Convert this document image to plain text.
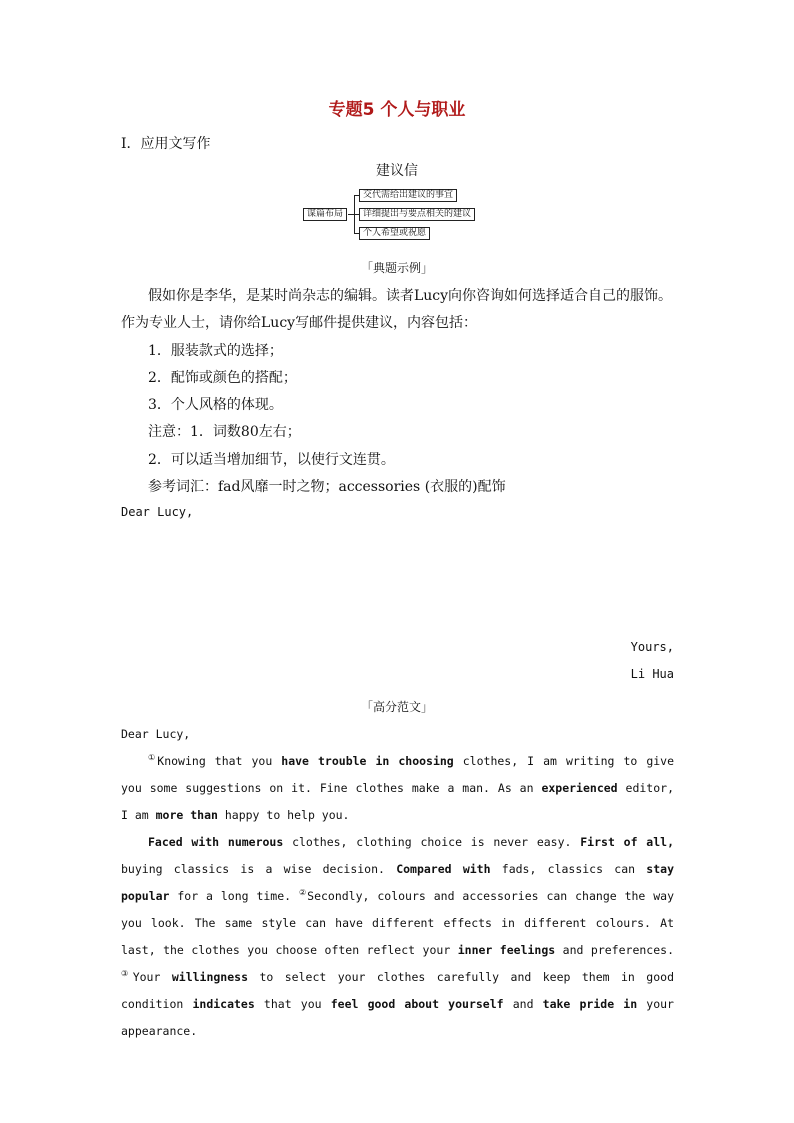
专题5 个人与职业
Ⅰ．应用文写作
建议信
谋篇布局
交代需给出建议的事宜
详细提出与要点相关的建议
个人希望或祝愿
「典题示例」
假如你是李华，是某时尚杂志的编辑。读者Lucy向你咨询如何选择适合自己的服饰。
作为专业人士，请你给Lucy写邮件提供建议，内容包括：
1．服装款式的选择；
2．配饰或颜色的搭配；
3．个人风格的体现。
注意：1．词数80左右；
2．可以适当增加细节，以使行文连贯。
参考词汇：fad风靡一时之物；accessories (衣服的)配饰
Dear Lucy,
Yours,
Li Hua
「高分范文」

Dear Lucy,

①Knowing that you have trouble in choosing clothes, I am writing to give you some suggestions on it. Fine clothes make a man. As an experienced editor, I am more than happy to help you.

Faced with numerous clothes, clothing choice is never easy. First of all, buying classics is a wise decision. Compared with fads, classics can stay popular for a long time. ②Secondly, colours and accessories can change the way you look. The same style can have different effects in different colours. At last, the clothes you choose often reflect your inner feelings and preferences. ③Your willingness to select your clothes carefully and keep them in good condition indicates that you feel good about yourself and take pride in your appearance.
